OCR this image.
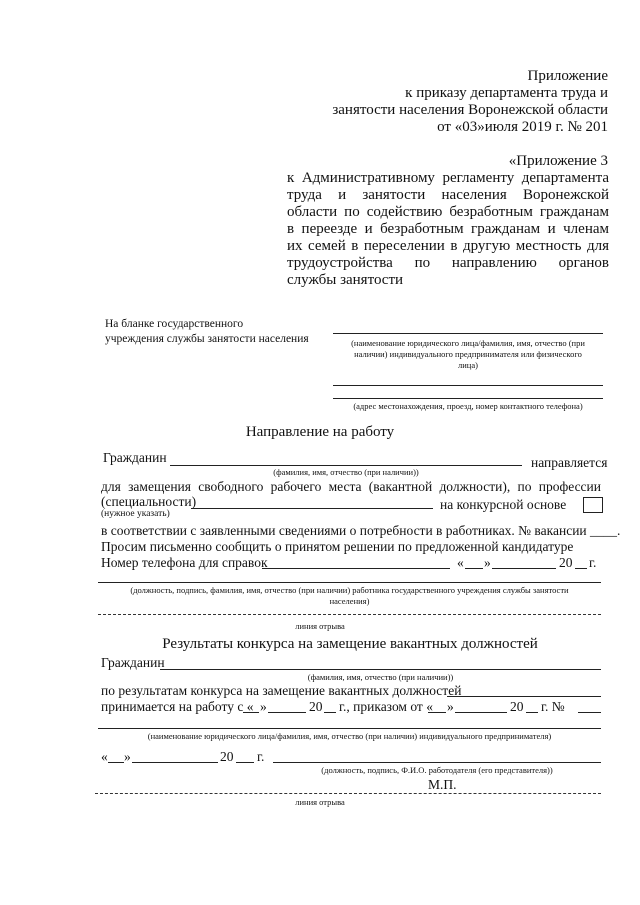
Приложение
к приказу департамента труда и
занятости населения Воронежской области
от «03»июля 2019 г. № 201
«Приложение 3
к Административному регламенту департамента
труда и занятости населения Воронежской
области по содействию безработным гражданам
в переезде и безработным гражданам и членам
их семей в переселении в другую местность для
трудоустройства по направлению органов
службы занятости
На бланке государственного
учреждения службы занятости населения	(наименование юридического лица/фамилия, имя, отчество (при
наличии) индивидуального предпринимателя или физического
лица)
(адрес местонахождения, проезд, номер контактного телефона)
Направление на работу
Гражданин	направляется
(фамилия, имя, отчество (при наличии))
для замещения свободного рабочего места (вакантной должности), по профессии
(специальности)	на конкурсной основе
(нужное указать)
в соответствии с заявленными сведениями о потребности в работниках. № вакансии ____.
Просим письменно сообщить о принятом решении по предложенной кандидатуре
Номер телефона для справок	« »	20 г.
(должность, подпись, фамилия, имя, отчество (при наличии) работника государственного учреждения службы занятости
населения)
линия отрыва
Результаты конкурса на замещение вакантных должностей
Гражданин
(фамилия, имя, отчество (при наличии))
по результатам конкурса на замещение вакантных должностей
принимается на работу с « »	20 г., приказом от « »	20 г. №
(наименование юридического лица/фамилия, имя, отчество (при наличии) индивидуального предпринимателя)
« »	20 г.
(должность, подпись, Ф.И.О. работодателя (его представителя))
М.П.
линия отрыва
